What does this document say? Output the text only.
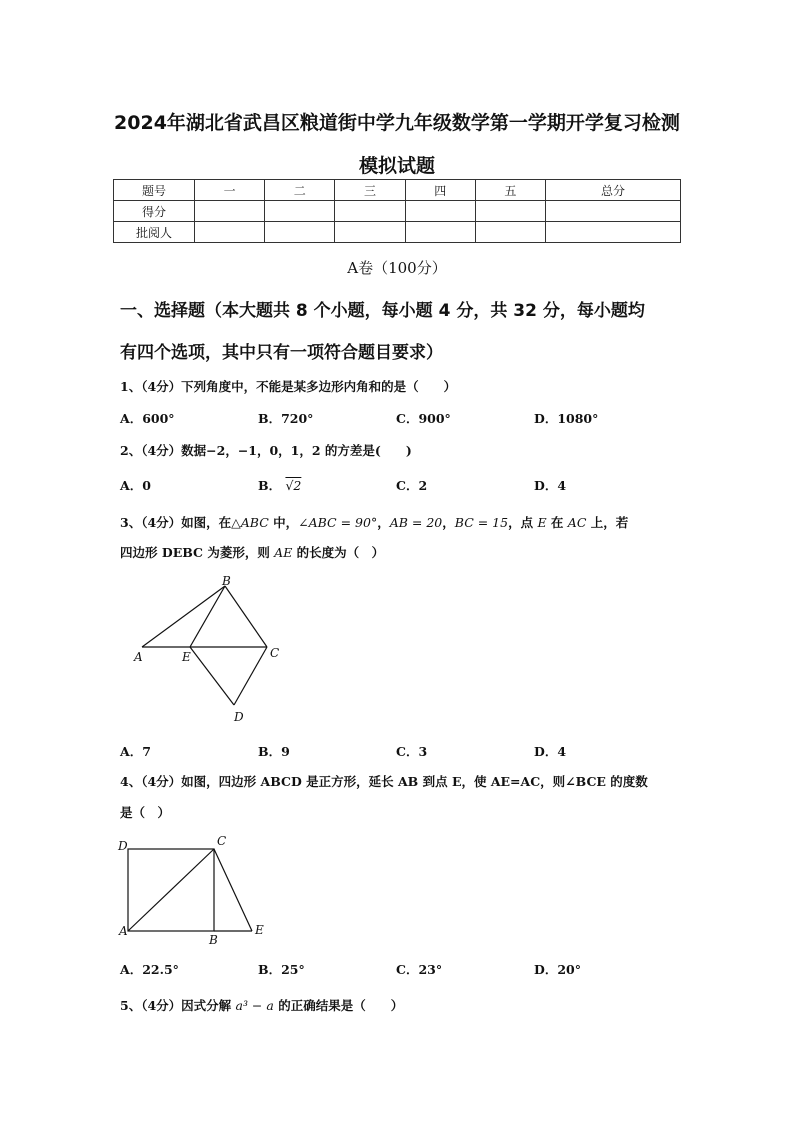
2024年湖北省武昌区粮道街中学九年级数学第一学期开学复习检测
模拟试题
题号	一	二	三	四	五	总分
得分						
批阅人						
A卷（100分）
一、选择题（本大题共 8 个小题，每小题 4 分，共 32 分，每小题均
有四个选项，其中只有一项符合题目要求）
1、（4分）下列角度中，不能是某多边形内角和的是（　　）
A．600°	B．720°	C．900°	D．1080°
2、（4分）数据−2，−1，0，1，2 的方差是(　　)
A．0	B． √2	C．2	D．4
3、（4分）如图，在△ABC 中，∠ABC = 90°，AB = 20，BC = 15，点 E 在 AC 上，若
四边形 DEBC 为菱形，则 AE 的长度为（　）
B
A	E	C
D
A．7	B．9	C．3	D．4
4、（4分）如图，四边形 ABCD 是正方形，延长 AB 到点 E，使 AE=AC，则∠BCE 的度数
是（　）
D	C
A
B
E
A．22.5°	B．25°	C．23°	D．20°
5、（4分）因式分解 a³ − a 的正确结果是（　　）
